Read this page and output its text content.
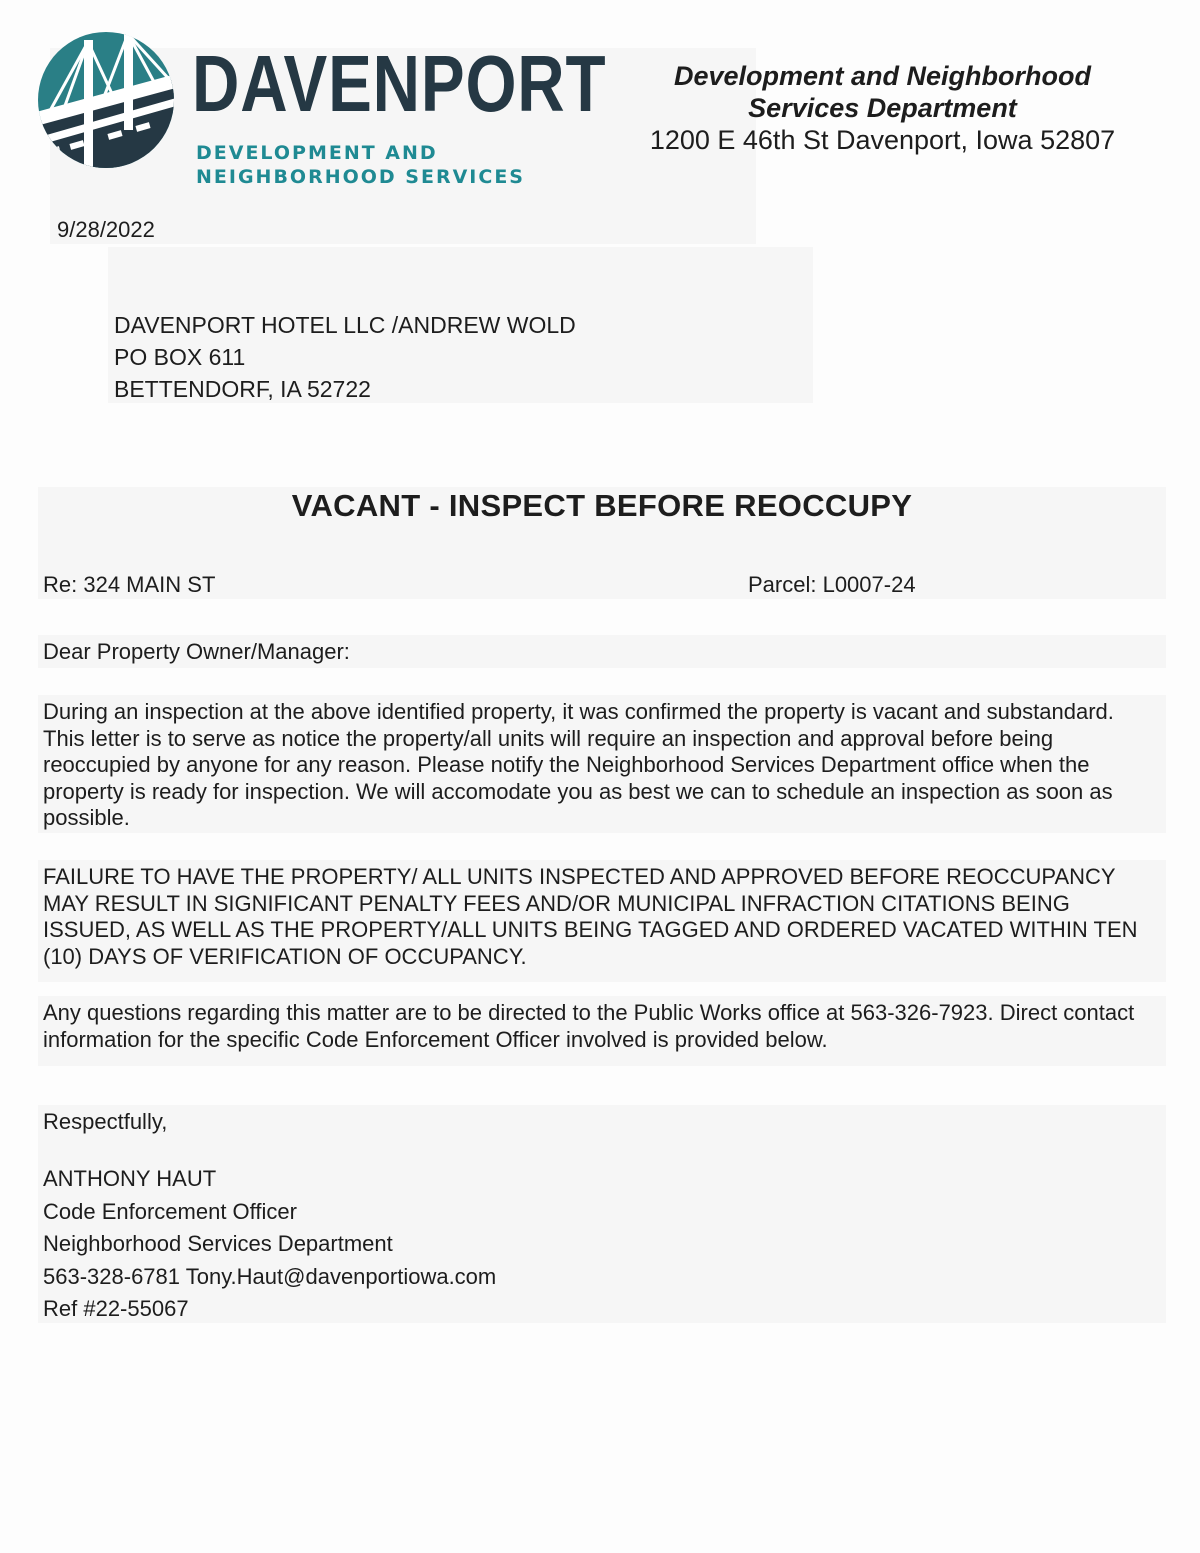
DAVENPORT
DEVELOPMENT AND
NEIGHBORHOOD SERVICES
Development and Neighborhood
Services Department
1200 E 46th St Davenport, Iowa 52807
9/28/2022
DAVENPORT HOTEL LLC /ANDREW WOLD
PO BOX 611
BETTENDORF, IA 52722
VACANT - INSPECT BEFORE REOCCUPY
Re: 324 MAIN ST	Parcel: L0007-24
Dear Property Owner/Manager:
During an inspection at the above identified property, it was confirmed the property is vacant and substandard. This letter is to serve as notice the property/all units will require an inspection and approval before being reoccupied by anyone for any reason. Please notify the Neighborhood Services Department office when the property is ready for inspection. We will accomodate you as best we can to schedule an inspection as soon as possible.
FAILURE TO HAVE THE PROPERTY/ ALL UNITS INSPECTED AND APPROVED BEFORE REOCCUPANCY MAY RESULT IN SIGNIFICANT PENALTY FEES AND/OR MUNICIPAL INFRACTION CITATIONS BEING ISSUED, AS WELL AS THE PROPERTY/ALL UNITS BEING TAGGED AND ORDERED VACATED WITHIN TEN (10) DAYS OF VERIFICATION OF OCCUPANCY.
Any questions regarding this matter are to be directed to the Public Works office at 563-326-7923. Direct contact information for the specific Code Enforcement Officer involved is provided below.
Respectfully,
ANTHONY HAUT
Code Enforcement Officer
Neighborhood Services Department
563-328-6781 Tony.Haut@davenportiowa.com
Ref #22-55067
